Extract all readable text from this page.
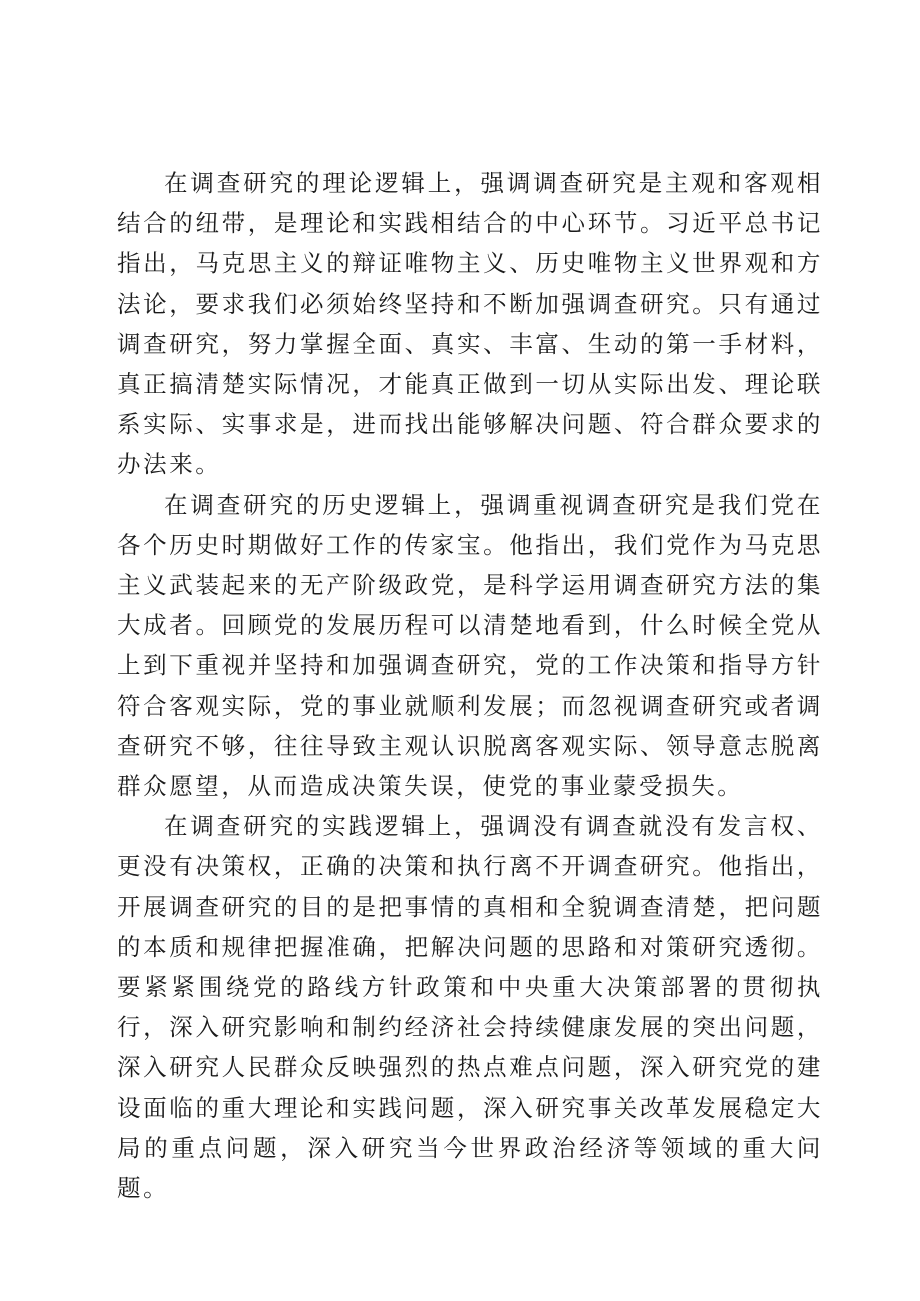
在调查研究的理论逻辑上，强调调查研究是主观和客观相结合的纽带，是理论和实践相结合的中心环节。习近平总书记指出，马克思主义的辩证唯物主义、历史唯物主义世界观和方法论，要求我们必须始终坚持和不断加强调查研究。只有通过调查研究，努力掌握全面、真实、丰富、生动的第一手材料，真正搞清楚实际情况，才能真正做到一切从实际出发、理论联系实际、实事求是，进而找出能够解决问题、符合群众要求的办法来。

在调查研究的历史逻辑上，强调重视调查研究是我们党在各个历史时期做好工作的传家宝。他指出，我们党作为马克思主义武装起来的无产阶级政党，是科学运用调查研究方法的集大成者。回顾党的发展历程可以清楚地看到，什么时候全党从上到下重视并坚持和加强调查研究，党的工作决策和指导方针符合客观实际，党的事业就顺利发展；而忽视调查研究或者调查研究不够，往往导致主观认识脱离客观实际、领导意志脱离群众愿望，从而造成决策失误，使党的事业蒙受损失。

在调查研究的实践逻辑上，强调没有调查就没有发言权、更没有决策权，正确的决策和执行离不开调查研究。他指出，开展调查研究的目的是把事情的真相和全貌调查清楚，把问题的本质和规律把握准确，把解决问题的思路和对策研究透彻。要紧紧围绕党的路线方针政策和中央重大决策部署的贯彻执行，深入研究影响和制约经济社会持续健康发展的突出问题，深入研究人民群众反映强烈的热点难点问题，深入研究党的建设面临的重大理论和实践问题，深入研究事关改革发展稳定大局的重点问题，深入研究当今世界政治经济等领域的重大问题。
